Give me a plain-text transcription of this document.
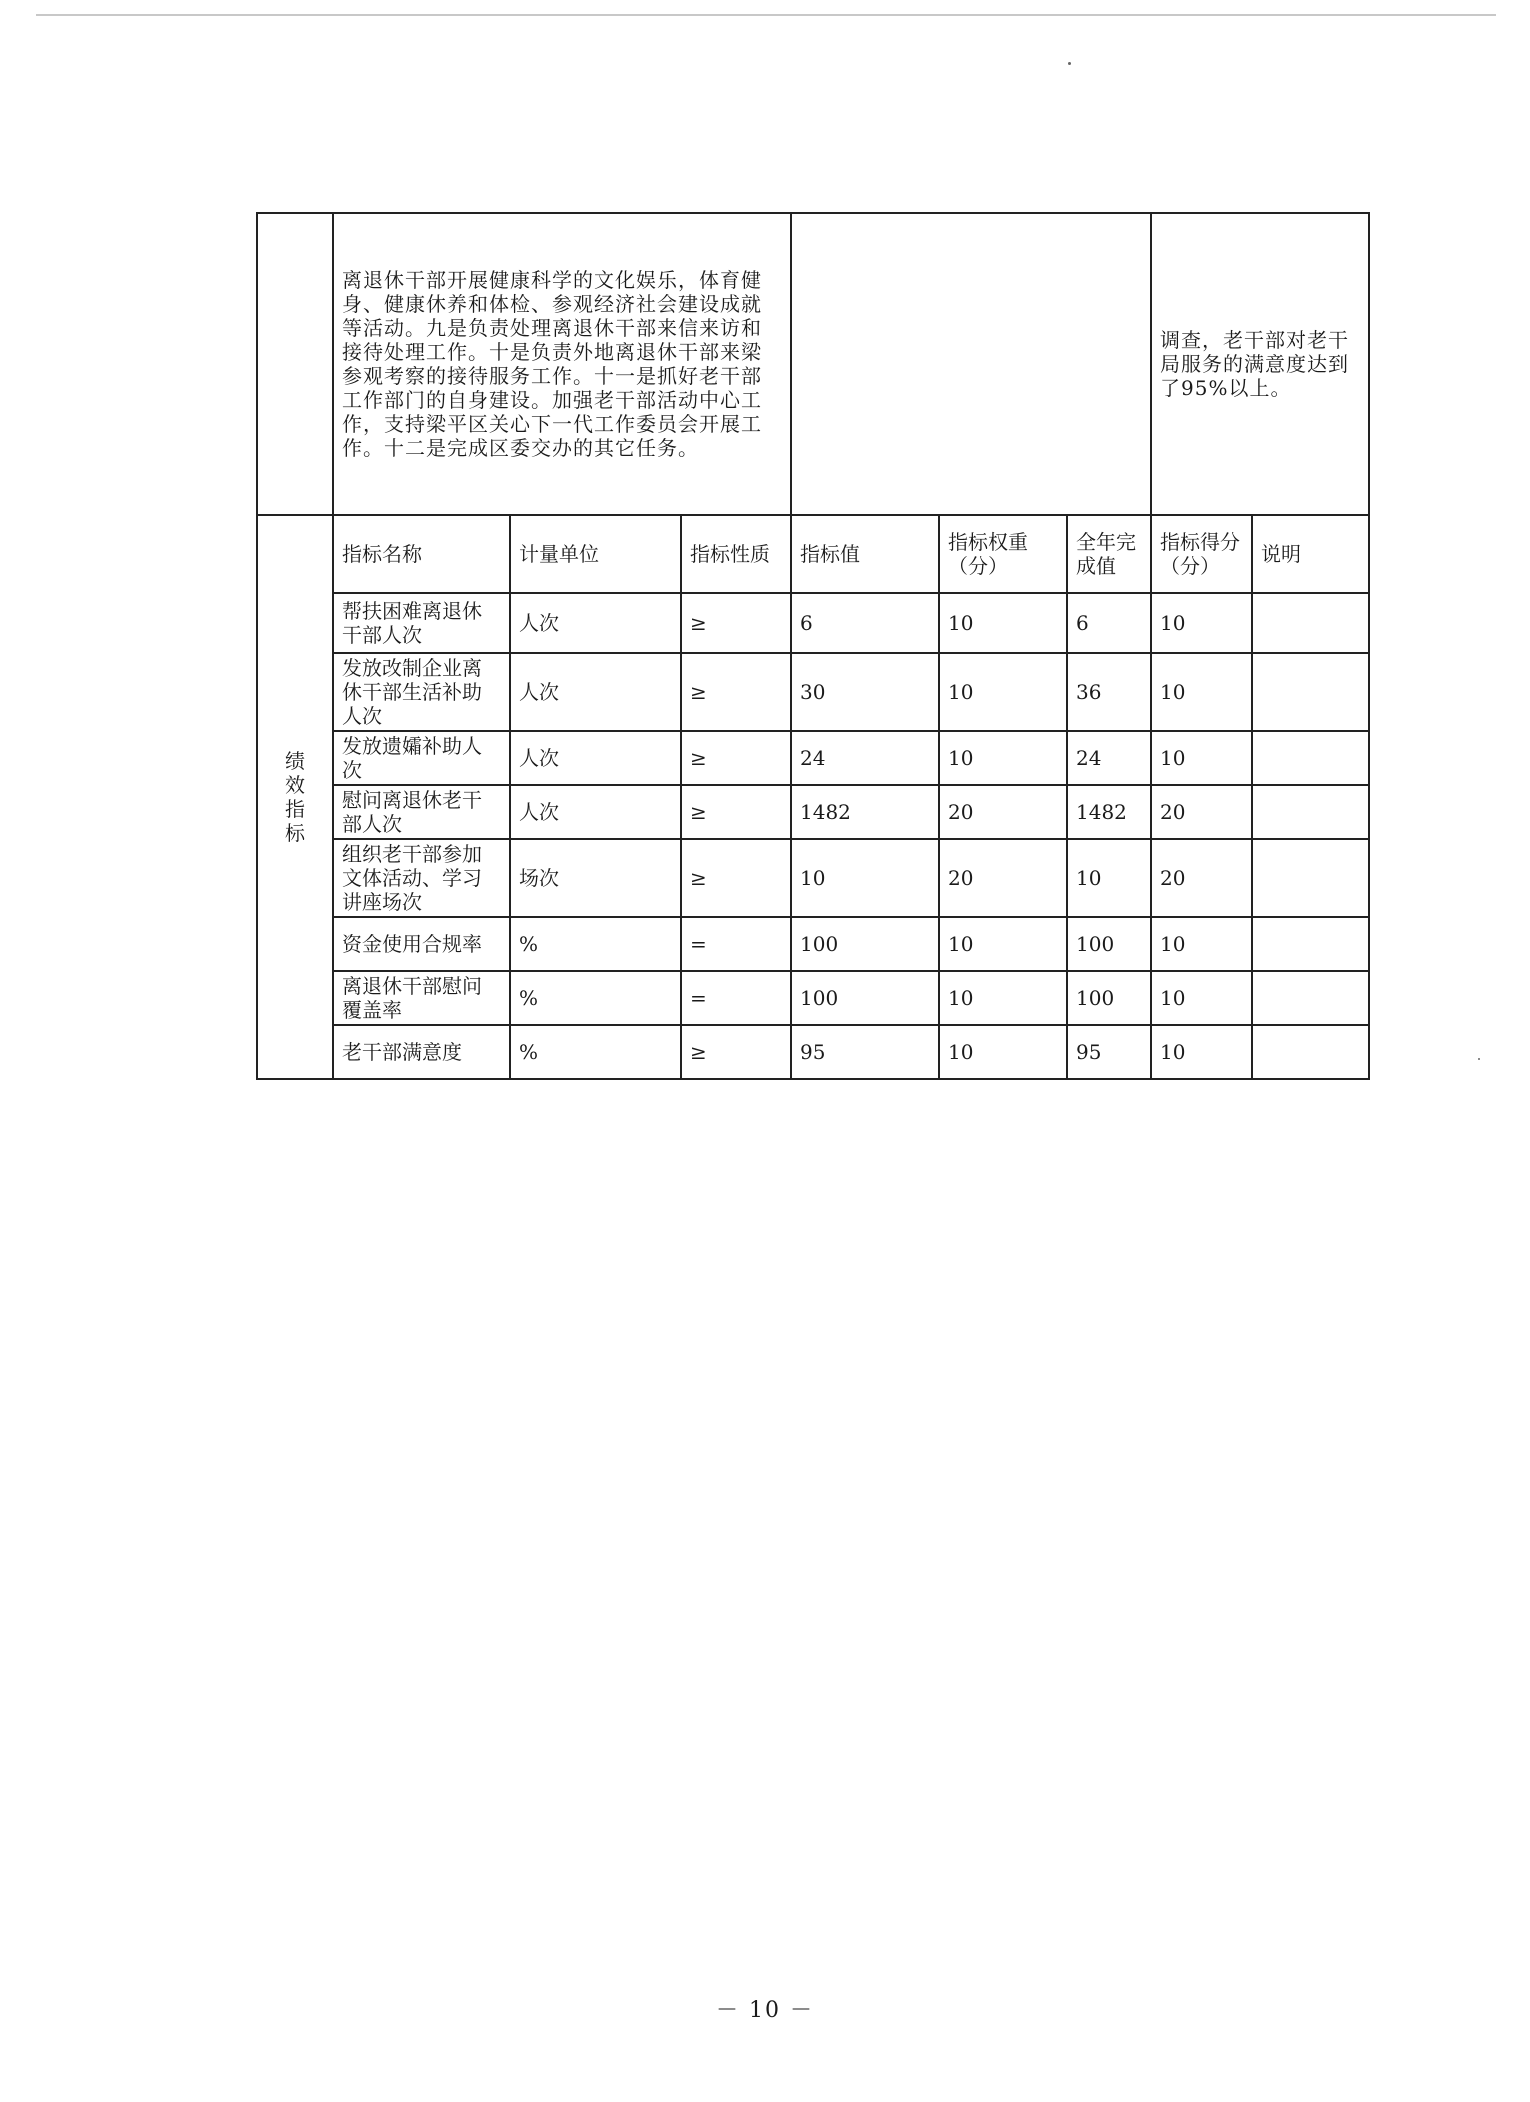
	离退休干部开展健康科学的文化娱乐，体育健身、健康休养和体检、参观经济社会建设成就等活动。九是负责处理离退休干部来信来访和接待处理工作。十是负责外地离退休干部来梁参观考察的接待服务工作。十一是抓好老干部工作部门的自身建设。加强老干部活动中心工作，支持梁平区关心下一代工作委员会开展工作。十二是完成区委交办的其它任务。						调查，老干部对老干局服务的满意度达到了95%以上。	

绩
效
指
标	指标名称	计量单位	指标性质	指标值	指标权重（分）	全年完成值	指标得分（分）	说明
	帮扶困难离退休干部人次	人次	≥	6	10	6	10	
	发放改制企业离休干部生活补助人次	人次	≥	30	10	36	10	
	发放遗孀补助人次	人次	≥	24	10	24	10	
	慰问离退休老干部人次	人次	≥	1482	20	1482	20	
	组织老干部参加文体活动、学习讲座场次	场次	≥	10	20	10	20	
	资金使用合规率	%	=	100	10	100	10	
	离退休干部慰问覆盖率	%	=	100	10	100	10	
	老干部满意度	%	≥	95	10	95	10	
－ 10 －
